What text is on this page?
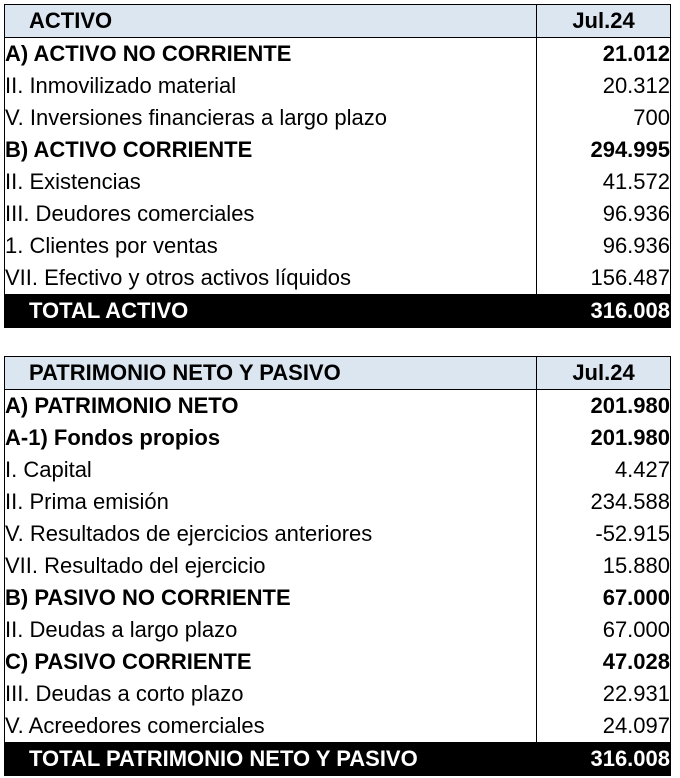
ACTIVO	Jul.24
A) ACTIVO NO CORRIENTE	21.012
II. Inmovilizado material	20.312
V. Inversiones financieras a largo plazo	700
B) ACTIVO CORRIENTE	294.995
II. Existencias	41.572
III. Deudores comerciales	96.936
1. Clientes por ventas	96.936
VII. Efectivo y otros activos líquidos	156.487
TOTAL ACTIVO	316.008
PATRIMONIO NETO Y PASIVO	Jul.24
A) PATRIMONIO NETO	201.980
A-1) Fondos propios	201.980
I. Capital	4.427
II. Prima emisión	234.588
V. Resultados de ejercicios anteriores	-52.915
VII. Resultado del ejercicio	15.880
B) PASIVO NO CORRIENTE	67.000
II. Deudas a largo plazo	67.000
C) PASIVO CORRIENTE	47.028
III. Deudas a corto plazo	22.931
V. Acreedores comerciales	24.097
TOTAL PATRIMONIO NETO Y PASIVO	316.008
